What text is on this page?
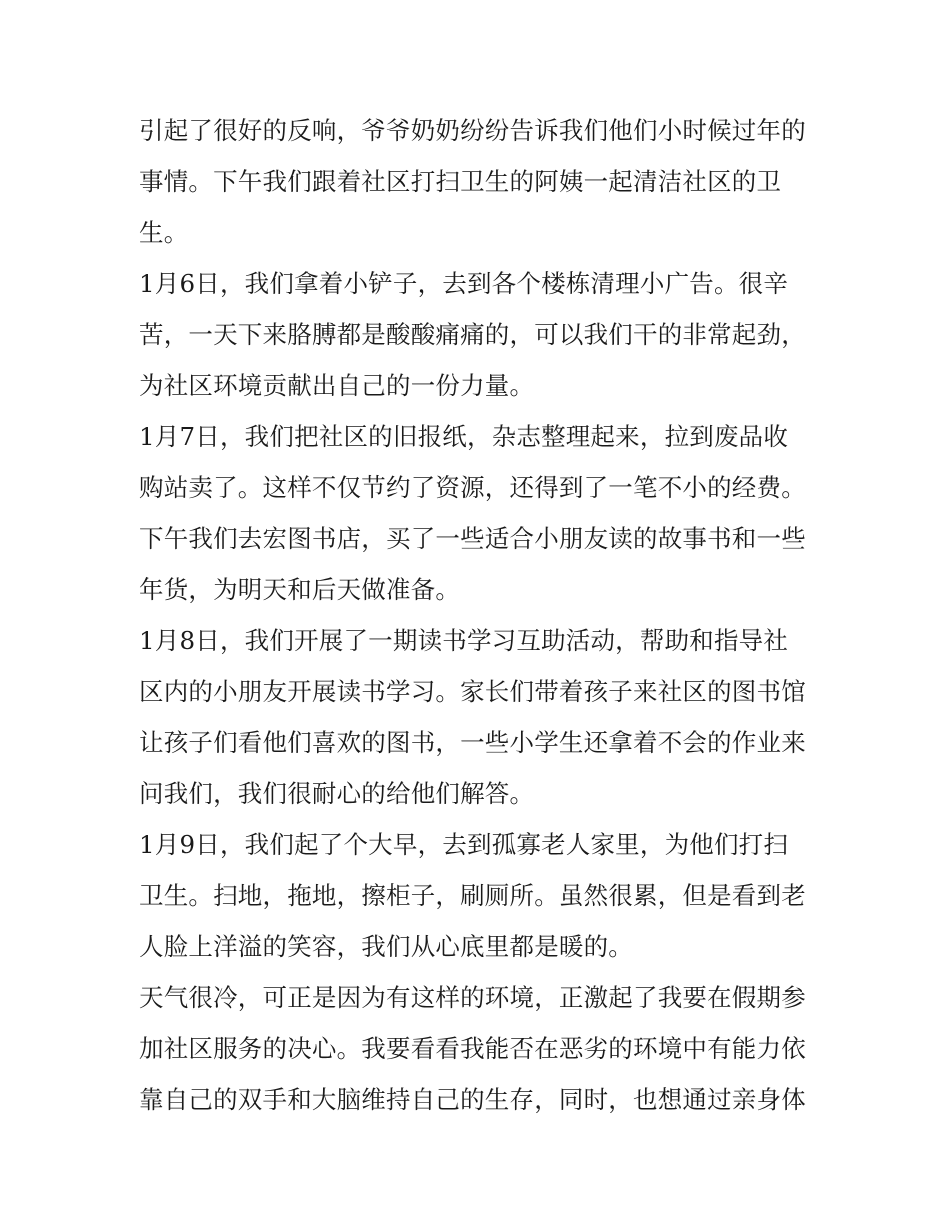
引起了很好的反响，爷爷奶奶纷纷告诉我们他们小时候过年的
事情。下午我们跟着社区打扫卫生的阿姨一起清洁社区的卫
生。
1月6日，我们拿着小铲子，去到各个楼栋清理小广告。很辛
苦，一天下来胳膊都是酸酸痛痛的，可以我们干的非常起劲，
为社区环境贡献出自己的一份力量。
1月7日，我们把社区的旧报纸，杂志整理起来，拉到废品收
购站卖了。这样不仅节约了资源，还得到了一笔不小的经费。
下午我们去宏图书店，买了一些适合小朋友读的故事书和一些
年货，为明天和后天做准备。
1月8日，我们开展了一期读书学习互助活动，帮助和指导社
区内的小朋友开展读书学习。家长们带着孩子来社区的图书馆
让孩子们看他们喜欢的图书，一些小学生还拿着不会的作业来
问我们，我们很耐心的给他们解答。
1月9日，我们起了个大早，去到孤寡老人家里，为他们打扫
卫生。扫地，拖地，擦柜子，刷厕所。虽然很累，但是看到老
人脸上洋溢的笑容，我们从心底里都是暖的。
天气很冷，可正是因为有这样的环境，正激起了我要在假期参
加社区服务的决心。我要看看我能否在恶劣的环境中有能力依
靠自己的双手和大脑维持自己的生存，同时，也想通过亲身体
